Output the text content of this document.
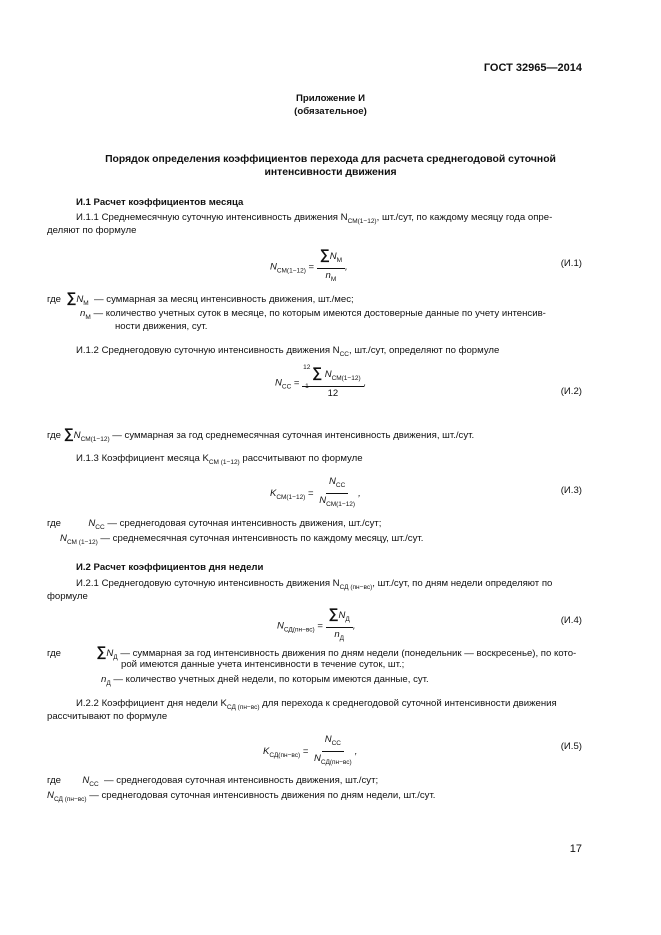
ГОСТ 32965—2014
Приложение И
(обязательное)
Порядок определения коэффициентов перехода для расчета среднегодовой суточной
интенсивности движения
И.1 Расчет коэффициентов месяца
И.1.1 Среднемесячную суточную интенсивность движения $N_{СМ(1-12)}$, шт./сут, по каждому месяцу года опре-
деляют по формуле
$N_{СМ(1-12)} = \frac{\sum N_М}{n_М}$ ,	(И.1)
где $\sum N_М$ — суммарная за месяц интенсивность движения, шт./мес;
$n_М$ — количество учетных суток в месяце, по которым имеются достоверные данные по учету интенсив-
ности движения, сут.
И.1.2 Среднегодовую суточную интенсивность движения $N_{СС}$, шт./сут, определяют по формуле
$N_{СС} = 12$ ∑
1
$N_{СМ(1-12)}$
12 ,
(И.2)
где $\sum N_{СМ(1-12)}$ — суммарная за год среднемесячная суточная интенсивность движения, шт./сут.
И.1.3 Коэффициент месяца $K_{СМ (1-12)}$ рассчитывают по формуле
$K_{СМ(1-12)} = \frac{N_{СС}}{N_{СМ(1-12)}}$ ,	(И.3)
где	$N_{СС}$ — среднегодовая суточная интенсивность движения, шт./сут;
$N_{СМ (1-12)}$ — среднемесячная суточная интенсивность по каждому месяцу, шт./сут.
И.2 Расчет коэффициентов дня недели
И.2.1 Среднегодовую суточную интенсивность движения $N_{СД (пн-вс)}$, шт./сут, по дням недели определяют по
формуле
$N_{СД(пн-вс)} = \frac{\sum N_Д}{n_Д}$ ,	(И.4)
где	$\sum N_Д$ — суммарная за год интенсивность движения по дням недели (понедельник — воскресенье), по кото-
рой имеются данные учета интенсивности в течение суток, шт.;
$n_Д$ — количество учетных дней недели, по которым имеются данные, сут.
И.2.2 Коэффициент дня недели $K_{СД (пн-вс)}$ для перехода к среднегодовой суточной интенсивности движения
рассчитывают по формуле
$K_{СД(пн-вс)} = \frac{N_{СС}}{N_{СД(пн-вс)}}$ ,	(И.5)
где $N_{СС}$ — среднегодовая суточная интенсивность движения, шт./сут;
$N_{СД (пн-вс)}$ — среднегодовая суточная интенсивность движения по дням недели, шт./сут.
17
